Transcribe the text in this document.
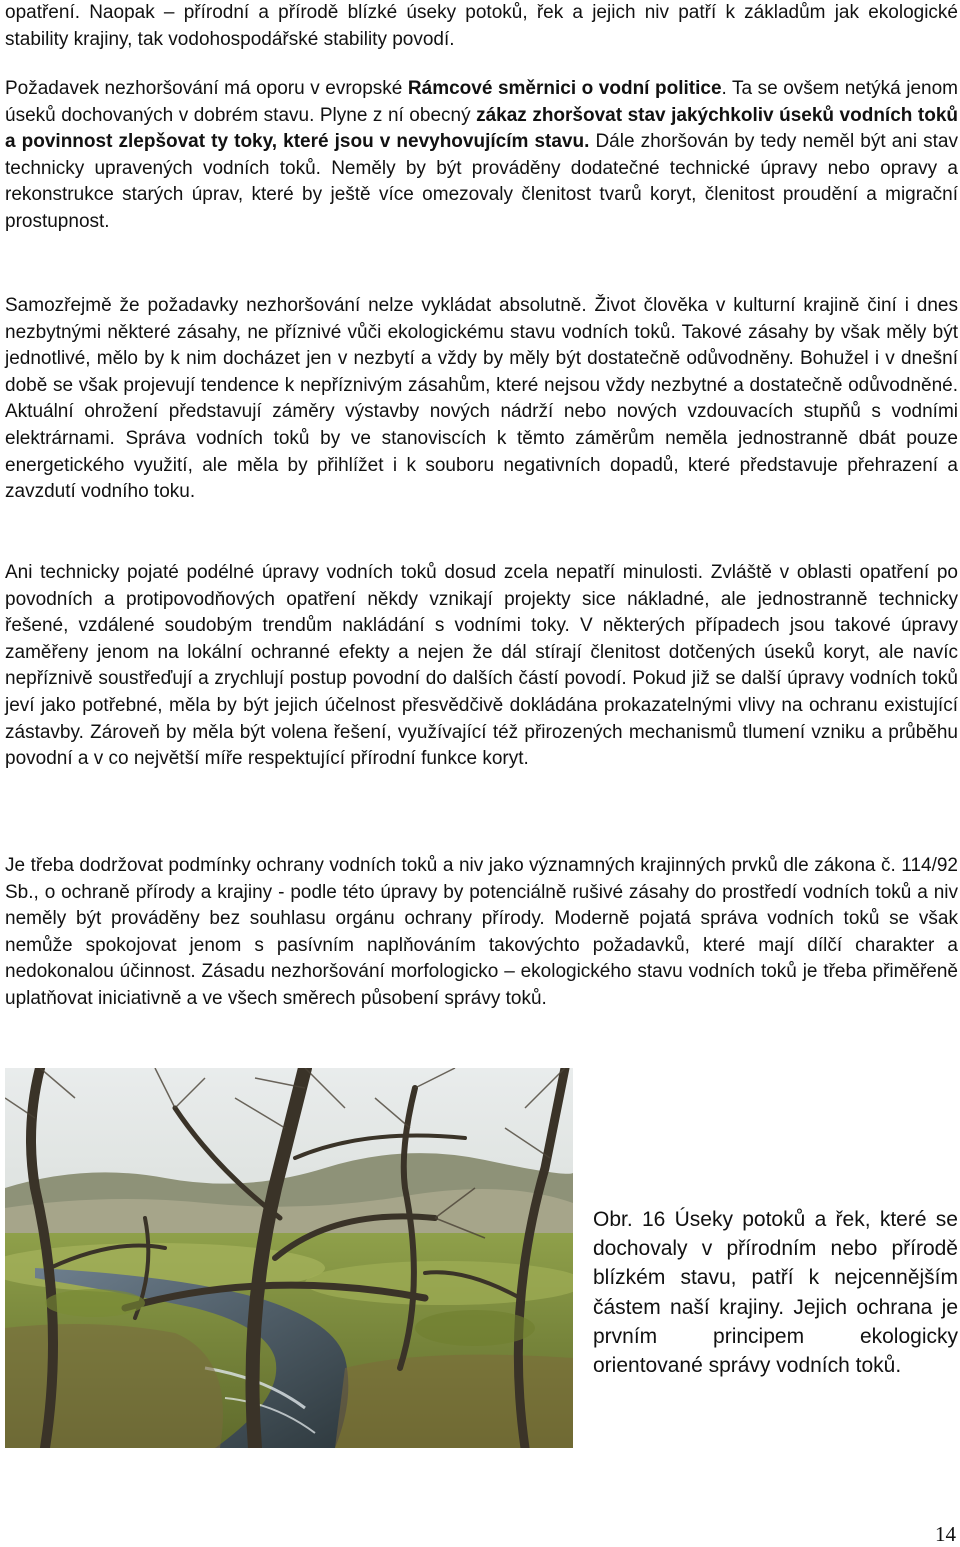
opatření. Naopak – přírodní a přírodě blízké úseky potoků, řek a jejich niv patří k základům jak ekologické stability krajiny, tak vodohospodářské stability povodí.

Požadavek nezhoršování má oporu v evropské Rámcové směrnici o vodní politice. Ta se ovšem netýká jenom úseků dochovaných v dobrém stavu. Plyne z ní obecný zákaz zhoršovat stav jakýchkoliv úseků vodních toků a povinnost zlepšovat ty toky, které jsou v nevyhovujícím stavu. Dále zhoršován by tedy neměl být ani stav technicky upravených vodních toků. Neměly by být prováděny dodatečné technické úpravy nebo opravy a rekonstrukce starých úprav, které by ještě více omezovaly členitost tvarů koryt, členitost proudění a migrační prostupnost.

Samozřejmě že požadavky nezhoršování nelze vykládat absolutně. Život člověka v kulturní krajině činí i dnes nezbytnými některé zásahy, ne příznivé vůči ekologickému stavu vodních toků. Takové zásahy by však měly být jednotlivé, mělo by k nim docházet jen v nezbytí a vždy by měly být dostatečně odůvodněny. Bohužel i v dnešní době se však projevují tendence k nepříznivým zásahům, které nejsou vždy nezbytné a dostatečně odůvodněné. Aktuální ohrožení představují záměry výstavby nových nádrží nebo nových vzdouvacích stupňů s vodními elektrárnami. Správa vodních toků by ve stanoviscích k těmto záměrům neměla jednostranně dbát pouze energetického využití, ale měla by přihlížet i k souboru negativních dopadů, které představuje přehrazení a zavzdutí vodního toku.

Ani technicky pojaté podélné úpravy vodních toků dosud zcela nepatří minulosti. Zvláště v oblasti opatření po povodních a protipovodňových opatření někdy vznikají projekty sice nákladné, ale jednostranně technicky řešené, vzdálené soudobým trendům nakládání s vodními toky. V některých případech jsou takové úpravy zaměřeny jenom na lokální ochranné efekty a nejen že dál stírají členitost dotčených úseků koryt, ale navíc nepříznivě soustřeďují a zrychlují postup povodní do dalších částí povodí. Pokud již se další úpravy vodních toků jeví jako potřebné, měla by být jejich účelnost přesvědčivě dokládána prokazatelnými vlivy na ochranu existující zástavby. Zároveň by měla být volena řešení, využívající též přirozených mechanismů tlumení vzniku a průběhu povodní a v co největší míře respektující přírodní funkce koryt.

Je třeba dodržovat podmínky ochrany vodních toků a niv jako významných krajinných prvků dle zákona č. 114/92 Sb., o ochraně přírody a krajiny - podle této úpravy by potenciálně rušivé zásahy do prostředí vodních toků a niv neměly být prováděny bez souhlasu orgánu ochrany přírody. Moderně pojatá správa vodních toků se však nemůže spokojovat jenom s pasívním naplňováním takovýchto požadavků, které mají dílčí charakter a nedokonalou účinnost. Zásadu nezhoršování morfologicko – ekologického stavu vodních toků je třeba přiměřeně uplatňovat iniciativně a ve všech směrech působení správy toků.

Obr. 16 Úseky potoků a řek, které se dochovaly v přírodním nebo přírodě blízkém stavu, patří k nejcennějším částem naší krajiny. Jejich ochrana je prvním principem ekologicky orientované správy vodních toků.

14
